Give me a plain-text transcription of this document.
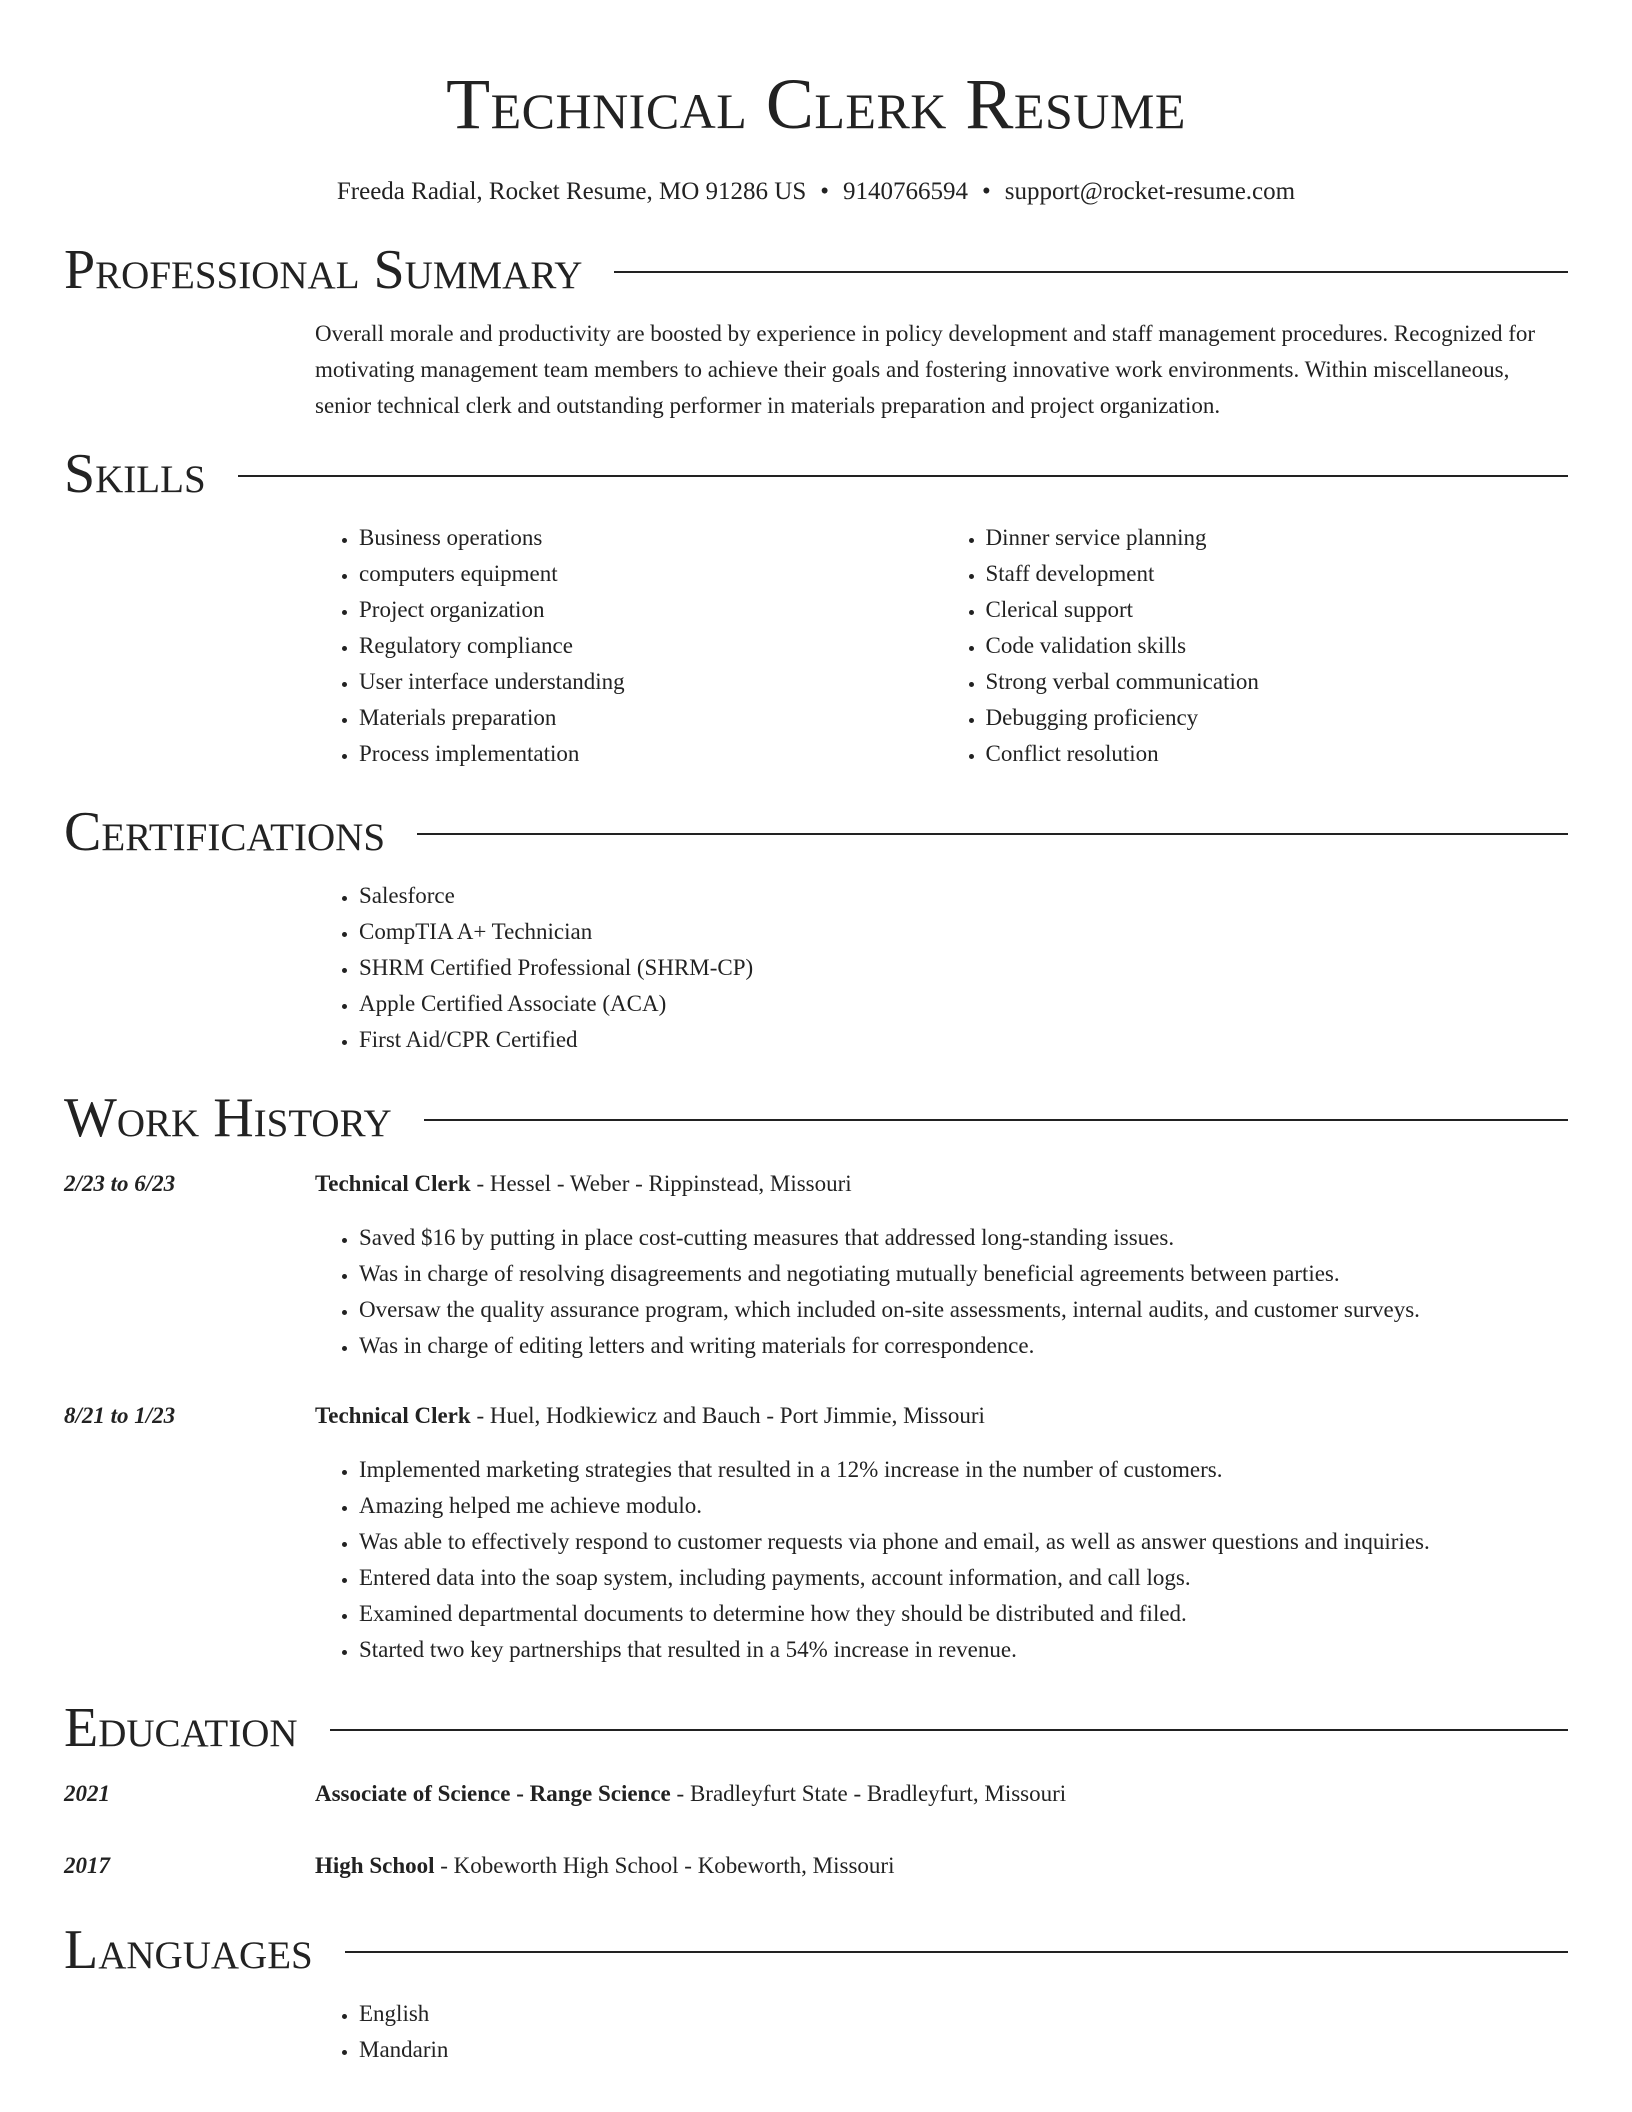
Technical Clerk Resume
Freeda Radial, Rocket Resume, MO 91286 US • 9140766594 • support@rocket-resume.com
Professional Summary
Overall morale and productivity are boosted by experience in policy development and staff management procedures. Recognized for motivating management team members to achieve their goals and fostering innovative work environments. Within miscellaneous, senior technical clerk and outstanding performer in materials preparation and project organization.
Skills
• Business operations
• computers equipment
• Project organization
• Regulatory compliance
• User interface understanding
• Materials preparation
• Process implementation
• Dinner service planning
• Staff development
• Clerical support
• Code validation skills
• Strong verbal communication
• Debugging proficiency
• Conflict resolution
Certifications
• Salesforce
• CompTIA A+ Technician
• SHRM Certified Professional (SHRM-CP)
• Apple Certified Associate (ACA)
• First Aid/CPR Certified
Work History
2/23 to 6/23	Technical Clerk - Hessel - Weber - Rippinstead, Missouri
• Saved $16 by putting in place cost-cutting measures that addressed long-standing issues.
• Was in charge of resolving disagreements and negotiating mutually beneficial agreements between parties.
• Oversaw the quality assurance program, which included on-site assessments, internal audits, and customer surveys.
• Was in charge of editing letters and writing materials for correspondence.
8/21 to 1/23	Technical Clerk - Huel, Hodkiewicz and Bauch - Port Jimmie, Missouri
• Implemented marketing strategies that resulted in a 12% increase in the number of customers.
• Amazing helped me achieve modulo.
• Was able to effectively respond to customer requests via phone and email, as well as answer questions and inquiries.
• Entered data into the soap system, including payments, account information, and call logs.
• Examined departmental documents to determine how they should be distributed and filed.
• Started two key partnerships that resulted in a 54% increase in revenue.
Education
2021	Associate of Science - Range Science - Bradleyfurt State - Bradleyfurt, Missouri
2017	High School - Kobeworth High School - Kobeworth, Missouri
Languages
• English
• Mandarin
